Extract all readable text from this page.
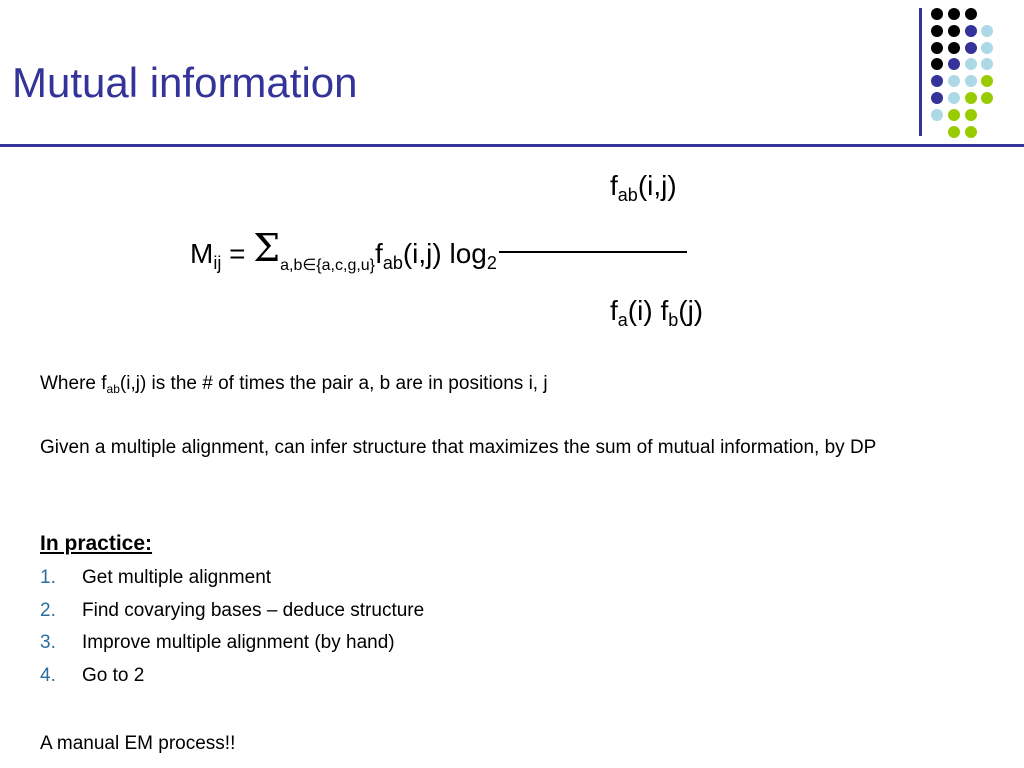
Mutual information
$f_{ab}(i,j)$
$M_{ij} = \Sigma_{a,b\in\{a,c,g,u\}}f_{ab}(i,j)$ $\log_2$
$f_a(i)$ $f_b(j)$
Where $f_{ab}(i,j)$ is the # of times the pair a, b are in positions i, j
Given a multiple alignment, can infer structure that maximizes the sum of mutual information, by DP
In practice:
1. Get multiple alignment
2. Find covarying bases – deduce structure
3. Improve multiple alignment (by hand)
4. Go to 2
A manual EM process!!
